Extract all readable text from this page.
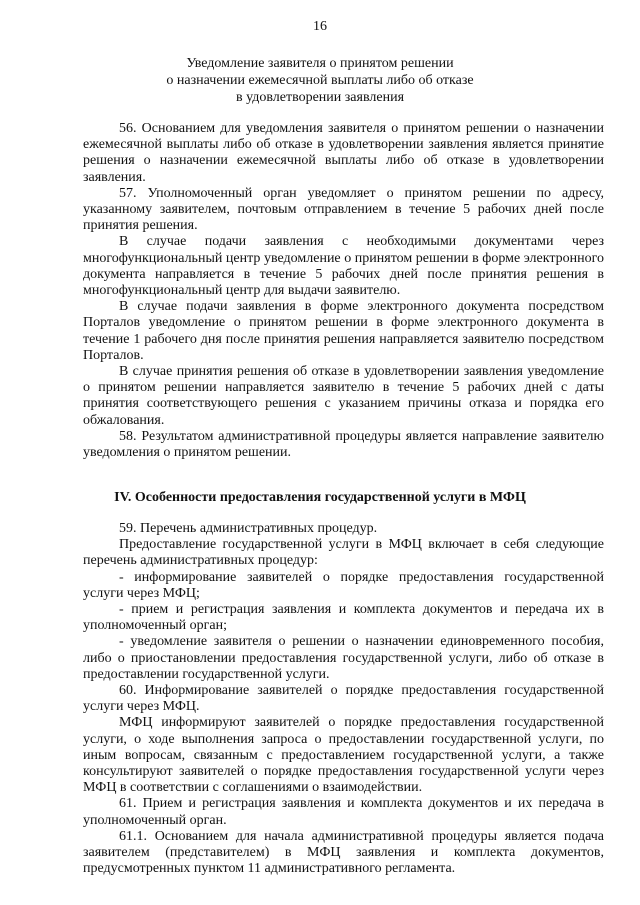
16
Уведомление заявителя о принятом решении
о назначении ежемесячной выплаты либо об отказе
в удовлетворении заявления

56. Основанием для уведомления заявителя о принятом решении о назначении ежемесячной выплаты либо об отказе в удовлетворении заявления является принятие решения о назначении ежемесячной выплаты либо об отказе в удовлетворении заявления.

57. Уполномоченный орган уведомляет о принятом решении по адресу, указанному заявителем, почтовым отправлением в течение 5 рабочих дней после принятия решения.

В случае подачи заявления с необходимыми документами через многофункциональный центр уведомление о принятом решении в форме электронного документа направляется в течение 5 рабочих дней после принятия решения в многофункциональный центр для выдачи заявителю.

В случае подачи заявления в форме электронного документа посредством Порталов уведомление о принятом решении в форме электронного документа в течение 1 рабочего дня после принятия решения направляется заявителю посредством Порталов.

В случае принятия решения об отказе в удовлетворении заявления уведомление о принятом решении направляется заявителю в течение 5 рабочих дней с даты принятия соответствующего решения с указанием причины отказа и порядка его обжалования.

58. Результатом административной процедуры является направление заявителю уведомления о принятом решении.

IV. Особенности предоставления государственной услуги в МФЦ

59. Перечень административных процедур.

Предоставление государственной услуги в МФЦ включает в себя следующие перечень административных процедур:

- информирование заявителей о порядке предоставления государственной услуги через МФЦ;

- прием и регистрация заявления и комплекта документов и передача их в уполномоченный орган;

- уведомление заявителя о решении о назначении единовременного пособия, либо о приостановлении предоставления государственной услуги, либо об отказе в предоставлении государственной услуги.

60. Информирование заявителей о порядке предоставления государственной услуги через МФЦ.

МФЦ информируют заявителей о порядке предоставления государственной услуги, о ходе выполнения запроса о предоставлении государственной услуги, по иным вопросам, связанным с предоставлением государственной услуги, а также консультируют заявителей о порядке предоставления государственной услуги через МФЦ в соответствии с соглашениями о взаимодействии.

61. Прием и регистрация заявления и комплекта документов и их передача в уполномоченный орган.

61.1. Основанием для начала административной процедуры является подача заявителем (представителем) в МФЦ заявления и комплекта документов, предусмотренных пунктом 11 административного регламента.
